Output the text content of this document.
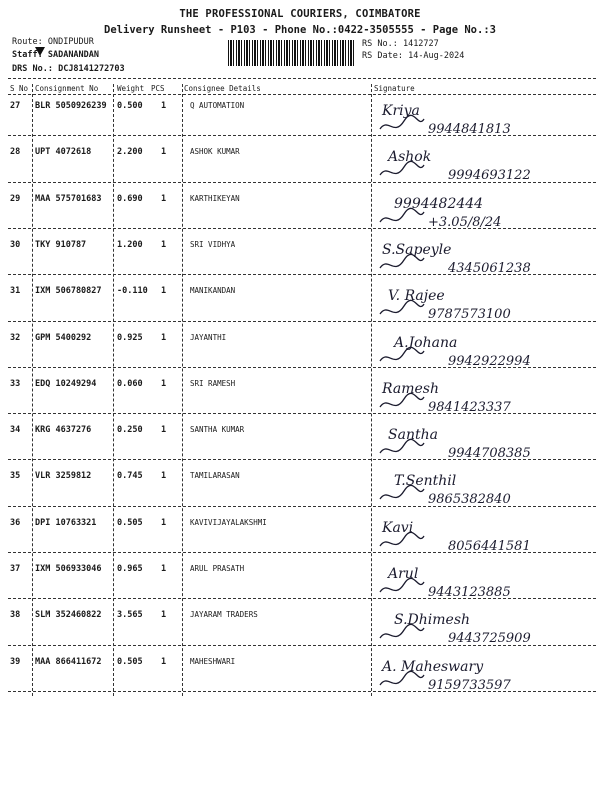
THE PROFESSIONAL COURIERS, COIMBATORE
Delivery Runsheet - P103 - Phone No.:0422-3505555 - Page No.:3
Route: ONDIPUDUR
Staff: SADANANDAN
DRS No.: DCJ8141272703
RS No.: 1412727
RS Date: 14-Aug-2024
S No Consignment No	Weight PCS	Consignee Details	Signature
27 BLR 5050926239 0.500 1	Q AUTOMATION	Kriya
9944841813
28 UPT 4072618	2.200 1	ASHOK KUMAR	Ashok
9994693122
29 MAA 575701683 0.690 1	KARTHIKEYAN	9994482444
+3.05/8/24
30 TKY 910787	1.200 1	SRI VIDHYA	S.Sapeyle
4345061238
31 IXM 506780827 -0.110 1	MANIKANDAN	V. Rajee
9787573100
32 GPM 5400292	0.925 1	JAYANTHI	A.Johana
9942922994
33 EDQ 10249294 0.060 1	SRI RAMESH	Ramesh
9841423337
34 KRG 4637276	0.250 1	SANTHA KUMAR	Santha
9944708385
35 VLR 3259812	0.745 1	TAMILARASAN	T.Senthil
9865382840
36 DPI 10763321 0.505 1	KAVIVIJAYALAKSHMI	Kavi
8056441581
37 IXM 506933046 0.965 1	ARUL PRASATH	Arul
9443123885
38 SLM 352460822 3.565 1	JAYARAM TRADERS	S.Dhimesh
9443725909
39 MAA 866411672 0.505 1	MAHESHWARI	A. Maheswary
9159733597
